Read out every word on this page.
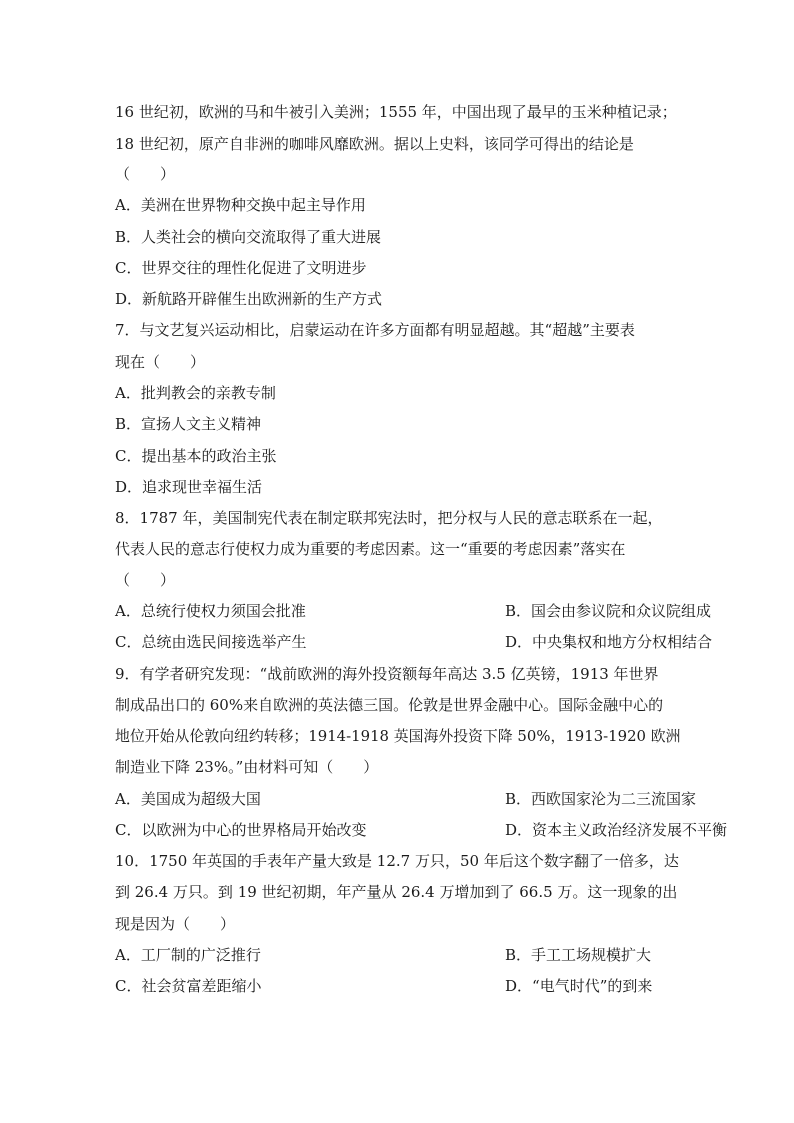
16 世纪初，欧洲的马和牛被引入美洲；1555 年，中国出现了最早的玉米种植记录；
18 世纪初，原产自非洲的咖啡风靡欧洲。据以上史料，该同学可得出的结论是
（　　）
A．美洲在世界物种交换中起主导作用
B．人类社会的横向交流取得了重大进展
C．世界交往的理性化促进了文明进步
D．新航路开辟催生出欧洲新的生产方式
7．与文艺复兴运动相比，启蒙运动在许多方面都有明显超越。其“超越”主要表
现在（　　）
A．批判教会的亲教专制
B．宣扬人文主义精神
C．提出基本的政治主张
D．追求现世幸福生活
8．1787 年，美国制宪代表在制定联邦宪法时，把分权与人民的意志联系在一起，
代表人民的意志行使权力成为重要的考虑因素。这一“重要的考虑因素”落实在
（　　）
A．总统行使权力须国会批准	B．国会由参议院和众议院组成
C．总统由选民间接选举产生	D．中央集权和地方分权相结合
9．有学者研究发现：“战前欧洲的海外投资额每年高达 3.5 亿英镑，1913 年世界
制成品出口的 60%来自欧洲的英法德三国。伦敦是世界金融中心。国际金融中心的
地位开始从伦敦向纽约转移；1914-1918 英国海外投资下降 50%，1913-1920 欧洲
制造业下降 23%。”由材料可知（　　）
A．美国成为超级大国	B．西欧国家沦为二三流国家
C．以欧洲为中心的世界格局开始改变	D．资本主义政治经济发展不平衡
10．1750 年英国的手表年产量大致是 12.7 万只，50 年后这个数字翻了一倍多，达
到 26.4 万只。到 19 世纪初期，年产量从 26.4 万增加到了 66.5 万。这一现象的出
现是因为（　　）
A．工厂制的广泛推行	B．手工工场规模扩大
C．社会贫富差距缩小	D．“电气时代”的到来
